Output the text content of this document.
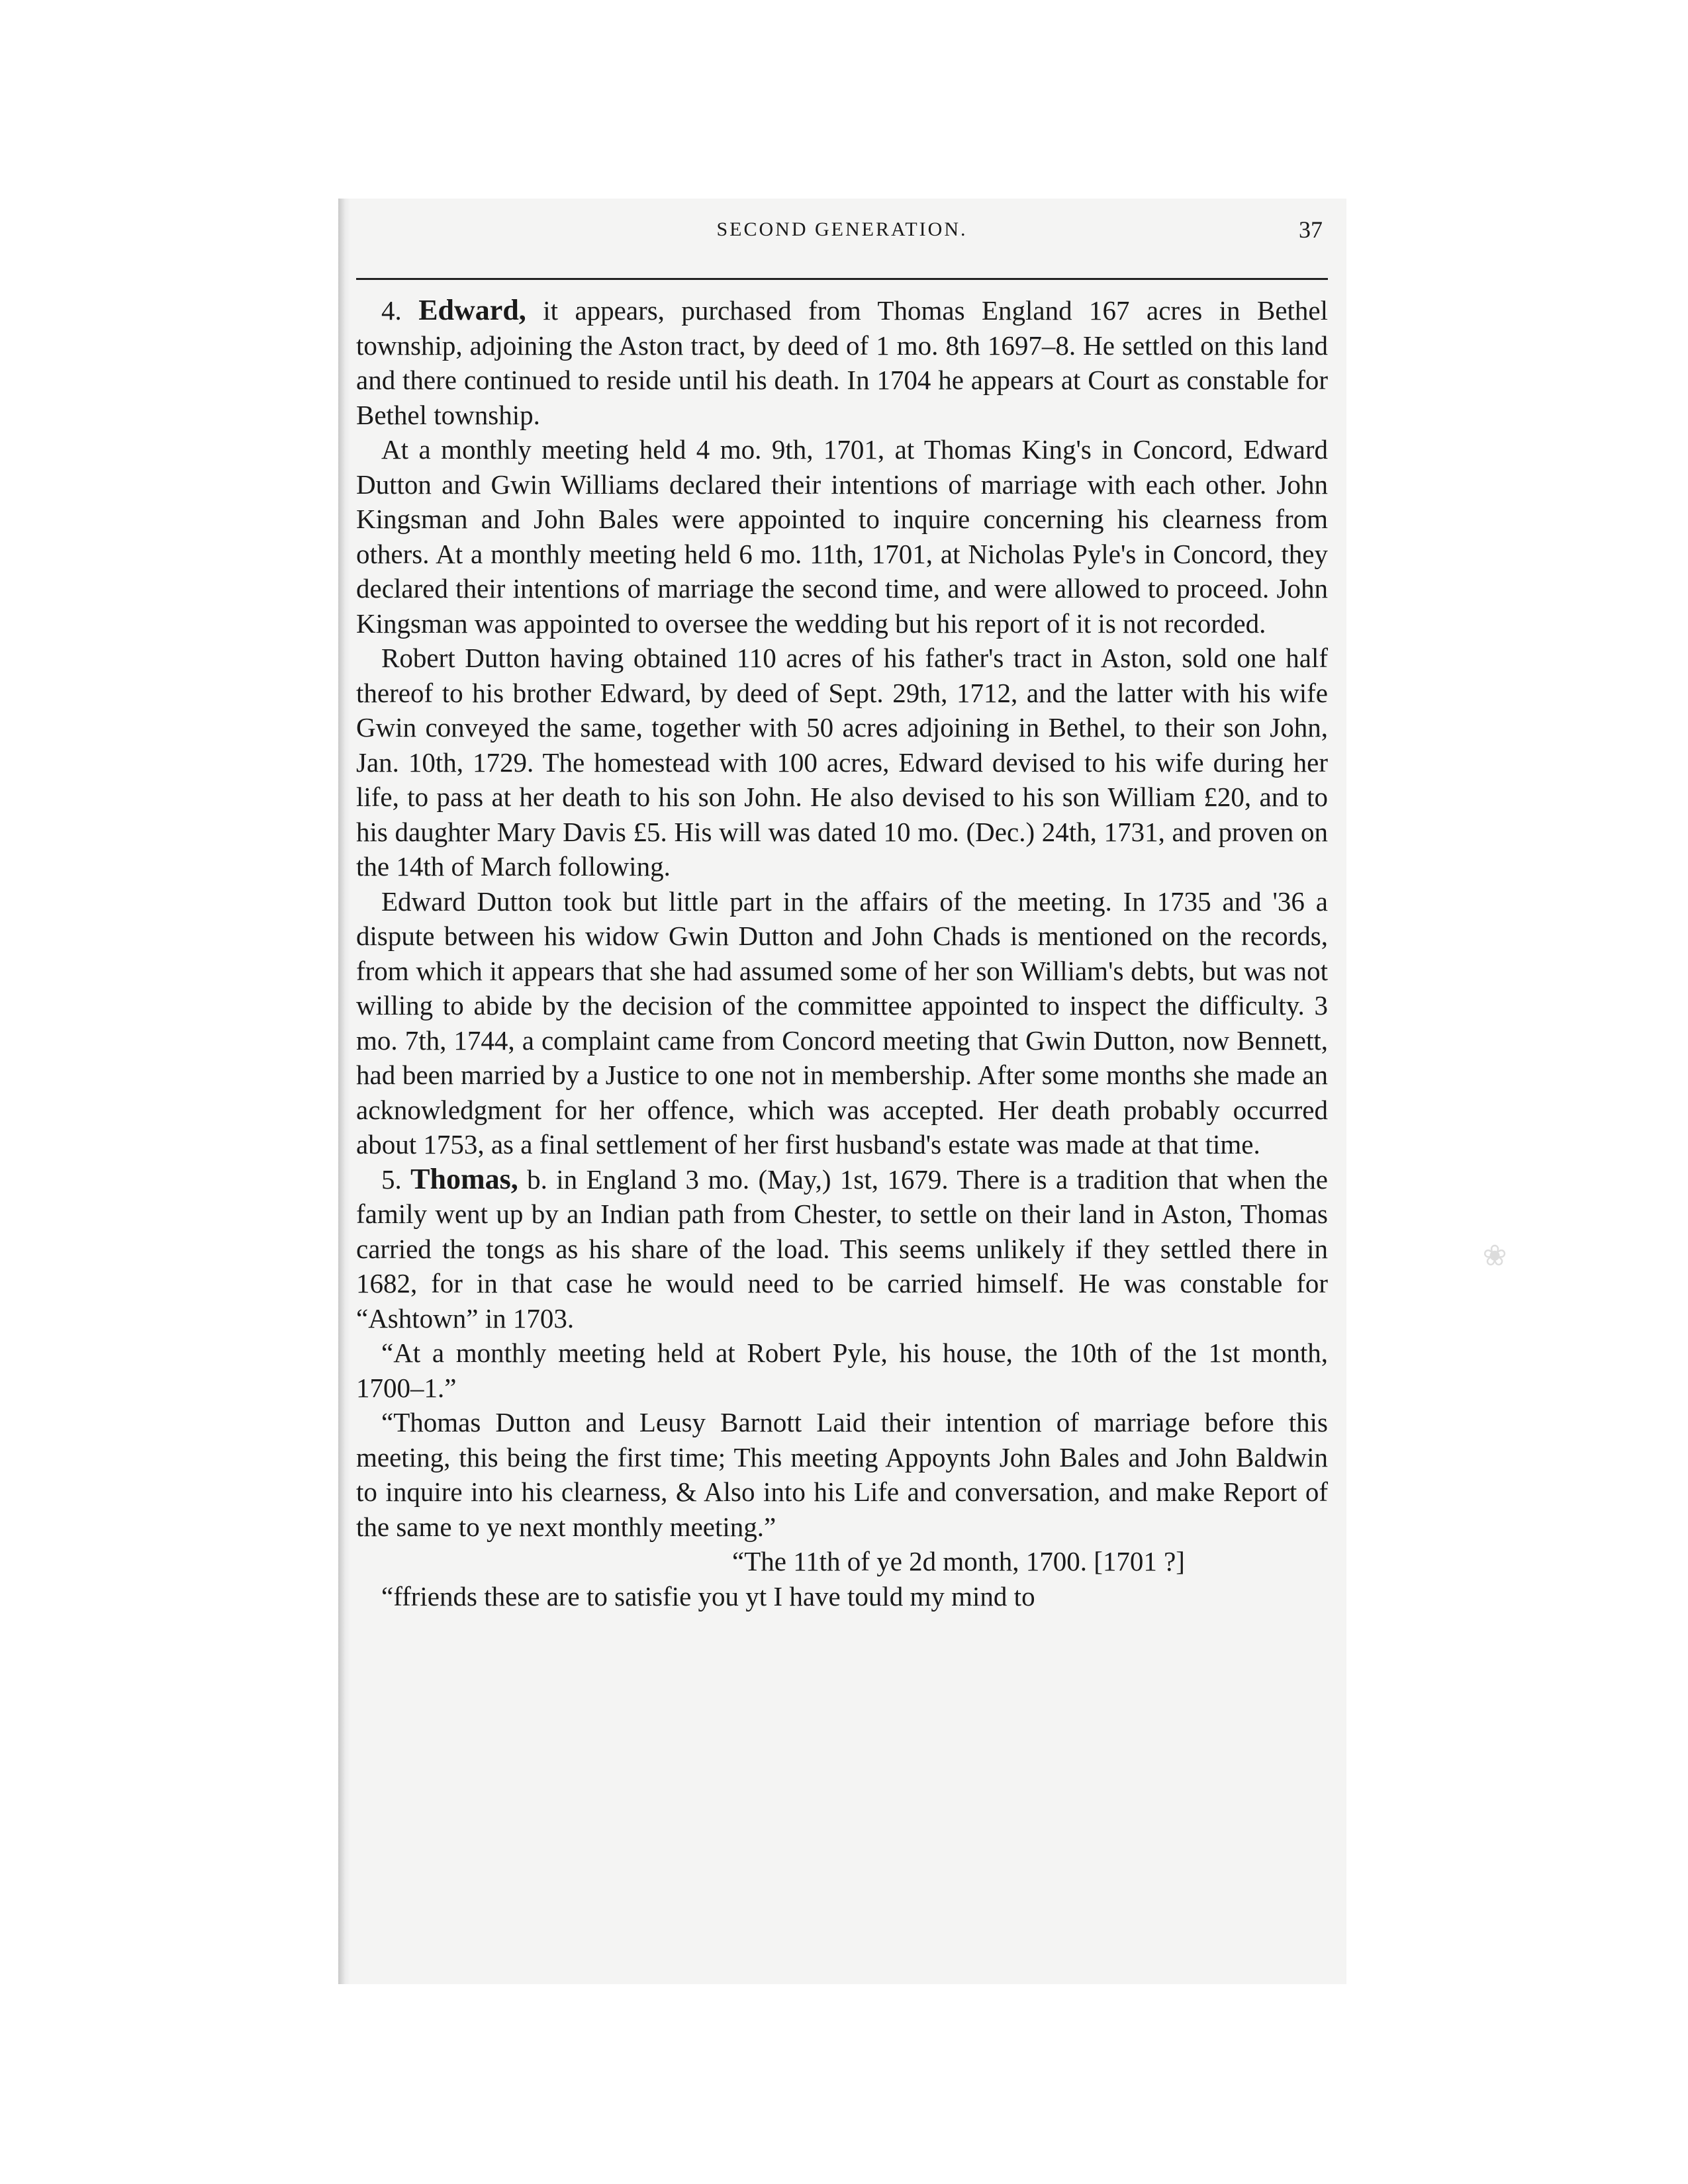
SECOND GENERATION.	37

4. Edward, it appears, purchased from Thomas England 167 acres in Bethel township, adjoining the Aston tract, by deed of 1 mo. 8th 1697–8. He settled on this land and there continued to reside until his death. In 1704 he appears at Court as constable for Bethel township.

At a monthly meeting held 4 mo. 9th, 1701, at Thomas King's in Concord, Edward Dutton and Gwin Williams declared their intentions of marriage with each other. John Kingsman and John Bales were appointed to inquire concerning his clearness from others. At a monthly meeting held 6 mo. 11th, 1701, at Nicholas Pyle's in Concord, they declared their intentions of marriage the second time, and were allowed to proceed. John Kingsman was appointed to oversee the wedding but his report of it is not recorded.

Robert Dutton having obtained 110 acres of his father's tract in Aston, sold one half thereof to his brother Edward, by deed of Sept. 29th, 1712, and the latter with his wife Gwin conveyed the same, together with 50 acres adjoining in Bethel, to their son John, Jan. 10th, 1729. The homestead with 100 acres, Edward devised to his wife during her life, to pass at her death to his son John. He also devised to his son William £20, and to his daughter Mary Davis £5. His will was dated 10 mo. (Dec.) 24th, 1731, and proven on the 14th of March following.

Edward Dutton took but little part in the affairs of the meeting. In 1735 and '36 a dispute between his widow Gwin Dutton and John Chads is mentioned on the records, from which it appears that she had assumed some of her son William's debts, but was not willing to abide by the decision of the committee appointed to inspect the difficulty. 3 mo. 7th, 1744, a complaint came from Concord meeting that Gwin Dutton, now Bennett, had been married by a Justice to one not in membership. After some months she made an acknowledgment for her offence, which was accepted. Her death probably occurred about 1753, as a final settlement of her first husband's estate was made at that time.

5. Thomas, b. in England 3 mo. (May,) 1st, 1679. There is a tradition that when the family went up by an Indian path from Chester, to settle on their land in Aston, Thomas carried the tongs as his share of the load. This seems unlikely if they settled there in 1682, for in that case he would need to be carried himself. He was constable for “Ashtown” in 1703.

“At a monthly meeting held at Robert Pyle, his house, the 10th of the 1st month, 1700–1.”

“Thomas Dutton and Leusy Barnott Laid their intention of marriage before this meeting, this being the first time; This meeting Appoynts John Bales and John Baldwin to inquire into his clearness, & Also into his Life and conversation, and make Report of the same to ye next monthly meeting.”

“The 11th of ye 2d month, 1700. [1701 ?]

“ffriends these are to satisfie you yt I have tould my mind to

❀
